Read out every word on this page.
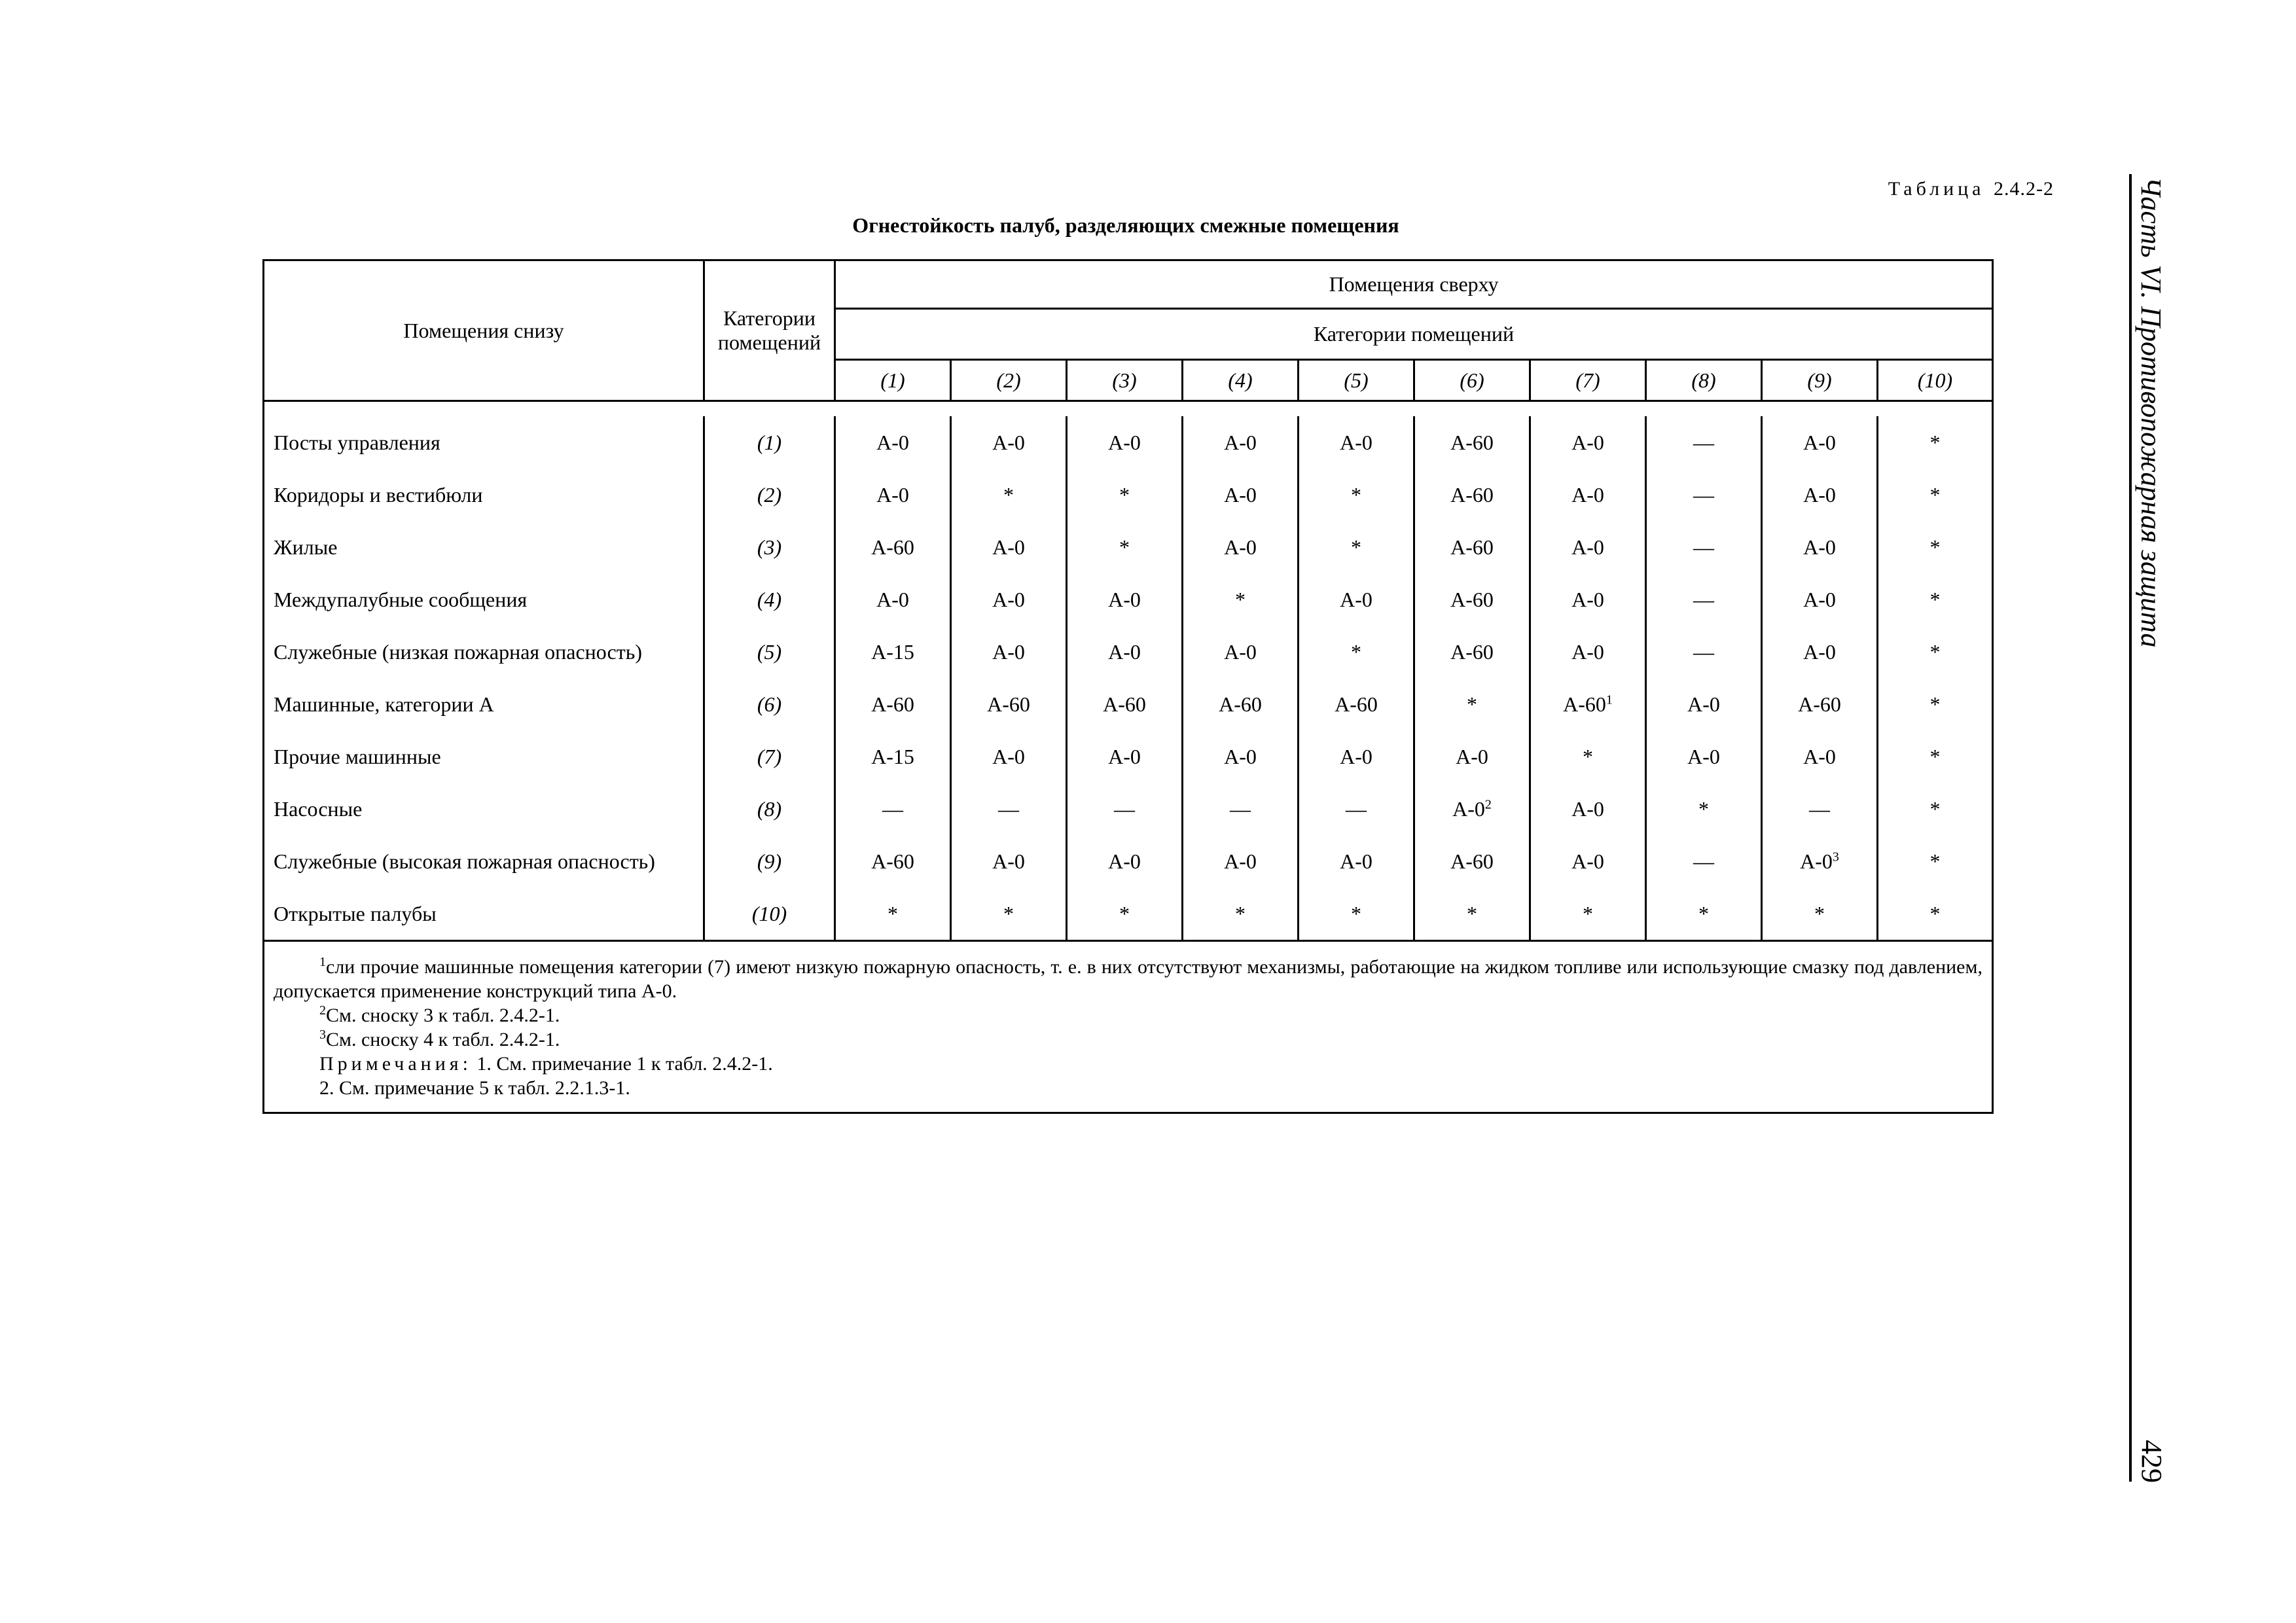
Таблица 2.4.2-2
Огнестойкость палуб, разделяющих смежные помещения
Помещения снизу	Категории
помещений	Помещения сверху									
		Категории помещений									
		(1)	(2)	(3)	(4)	(5)	(6)	(7)	(8)	(9)	(10)

Посты управления	(1)	A-0	A-0	A-0	A-0	A-0	A-60	A-0	—	A-0	*
Коридоры и вестибюли	(2)	A-0	*	*	A-0	*	A-60	A-0	—	A-0	*
Жилые	(3)	A-60	A-0	*	A-0	*	A-60	A-0	—	A-0	*
Междупалубные сообщения	(4)	A-0	A-0	A-0	*	A-0	A-60	A-0	—	A-0	*
Служебные (низкая пожарная опасность)	(5)	A-15	A-0	A-0	A-0	*	A-60	A-0	—	A-0	*
Машинные, категории A	(6)	A-60	A-60	A-60	A-60	A-60	*	$A-60^1$	A-0	A-60	*
Прочие машинные	(7)	A-15	A-0	A-0	A-0	A-0	A-0	*	A-0	A-0	*
Насосные	(8)	—	—	—	—	—	$A-0^2$	A-0	*	—	*
Служебные (высокая пожарная опасность)	(9)	A-60	A-0	A-0	A-0	A-0	A-60	A-0	—	$A-0^3$	*
Открытые палубы	(10)	*	*	*	*	*	*	*	*	*	*

$^1$сли прочие машинные помещения категории (7) имеют низкую пожарную опасность, т. е. в них отсутствуют механизмы, работающие на жидком топливе или использующие смазку под давлением, допускается применение конструкций типа A-0.
$^2$См. сноску 3 к табл. 2.4.2-1.
$^3$См. сноску 4 к табл. 2.4.2-1.
Примечания: 1. См. примечание 1 к табл. 2.4.2-1.
2. См. примечание 5 к табл. 2.2.1.3-1.											
Часть VI. Противопожарная защита
429
